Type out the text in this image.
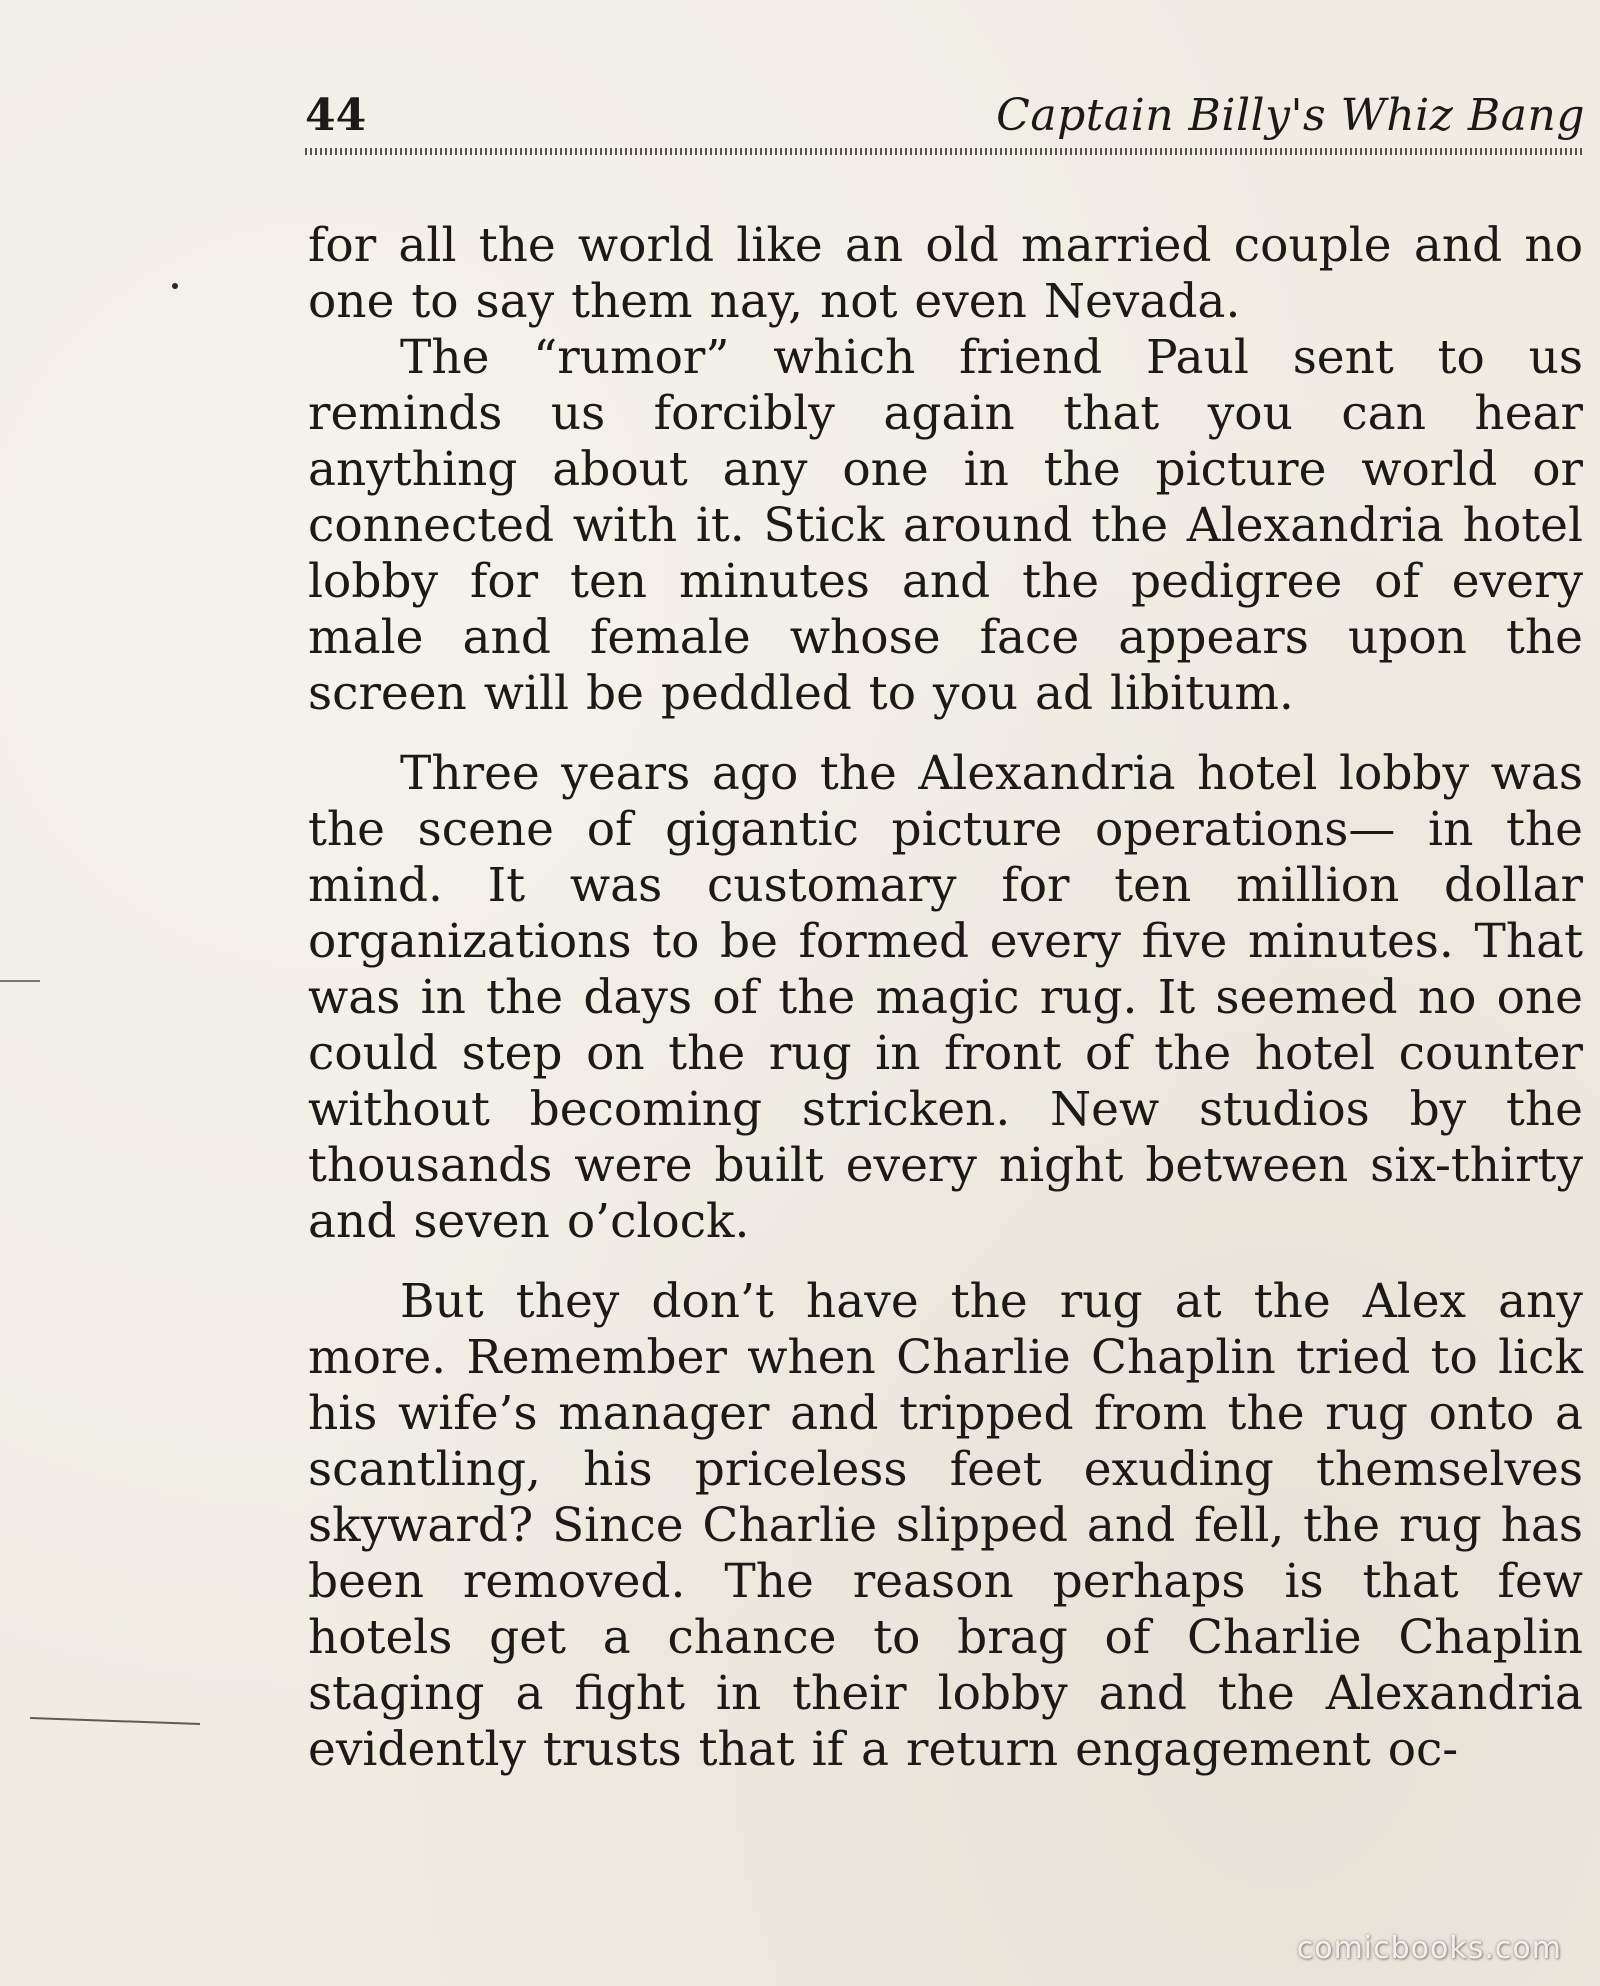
44	Captain Billy's Whiz Bang

for all the world like an old married couple and no one to say them nay, not even Nevada.

The “rumor” which friend Paul sent to us reminds us forcibly again that you can hear anything about any one in the picture world or connected with it. Stick around the Alexandria hotel lobby for ten minutes and the pedigree of every male and female whose face appears upon the screen will be peddled to you ad libitum.

Three years ago the Alexandria hotel lobby was the scene of gigantic picture operations— in the mind. It was customary for ten million dollar organizations to be formed every five minutes. That was in the days of the magic rug. It seemed no one could step on the rug in front of the hotel counter without becoming stricken. New studios by the thousands were built every night between six-thirty and seven o’clock.

But they don’t have the rug at the Alex any more. Remember when Charlie Chaplin tried to lick his wife’s manager and tripped from the rug onto a scantling, his priceless feet exuding themselves skyward? Since Charlie slipped and fell, the rug has been removed. The reason perhaps is that few hotels get a chance to brag of Charlie Chaplin staging a fight in their lobby and the Alexandria evidently trusts that if a return engagement oc-

comicbooks.com
